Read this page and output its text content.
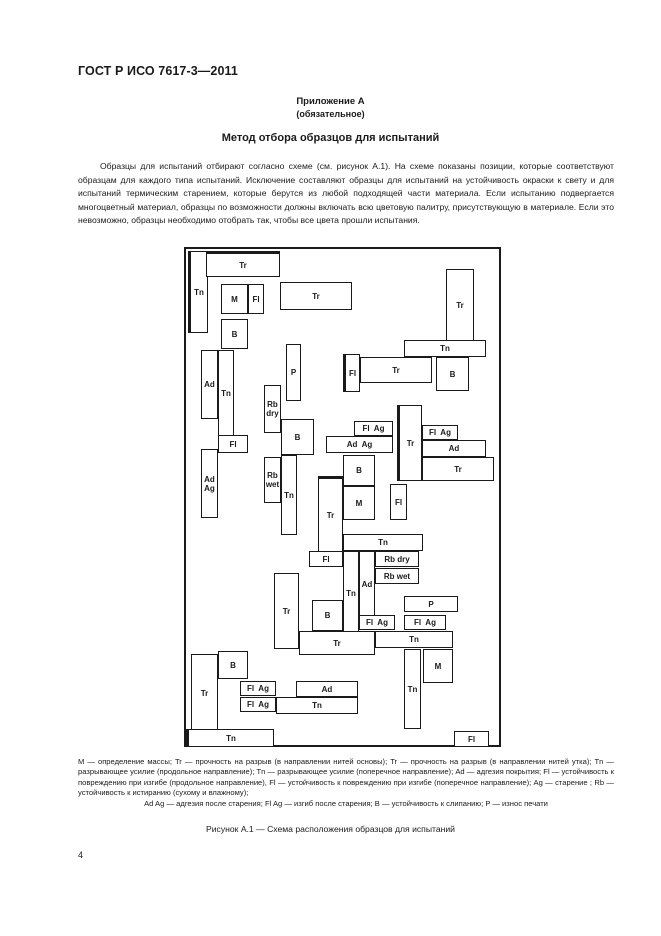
ГОСТ Р ИСО 7617-3—2011
Приложение А
(обязательное)
Метод отбора образцов для испытаний
Образцы для испытаний отбирают согласно схеме (см. рисунок А.1). На схеме показаны позиции, которые соответствуют образцам для каждого типа испытаний. Исключение составляют образцы для испытаний на устойчивость окраски к свету и для испытаний термическим старением, которые берутся из любой подходящей части материала. Если испытанию подвергается многоцветный материал, образцы по возможности должны включать всю цветовую палитру, присутствующую в материале. Если это невозможно, образцы необходимо отобрать так, чтобы все цвета прошли испытания.
Tn
Tr
M Fl
B
Tr
Ad
Tn
Fl
Ad
Ag
P
Rb
dry
B
Rb
wet
Tn
Tr
Tn
Fl	Tr	B
Fl  Ag
Ad  Ag
B
M
Tr
Fl  Ag
Ad
Tr
Fl
Tr
Tn
Fl
Tn
Ad
Rb dry
Rb wet
Tr	B
Fl  Ag
P
Fl  Ag
Tr	Tn
Tr
B
Fl  Ag
Fl  Ag
Ad
Tn
Tn
M
Tn	Fl
M — определение массы; Tr — прочность на разрыв (в направлении нитей основы); Tr — прочность на разрыв (в направлении нитей утка); Tn — разрывающее усилие (продольное направление); Tn — разрывающее усилие (поперечное направление); Ad — адгезия покрытия; Fl — устойчивость к повреждению при изгибе (продольное направление), Fl — устойчивость к повреждению при изгибе (поперечное направление); Ag — старение ; Rb — устойчивость к истиранию (сухому и влажному);
Ad Ag — адгезия после старения; Fl Ag — изгиб после старения; B — устойчивость к слипанию; P — износ печати
Рисунок А.1 — Схема расположения образцов для испытаний
4
